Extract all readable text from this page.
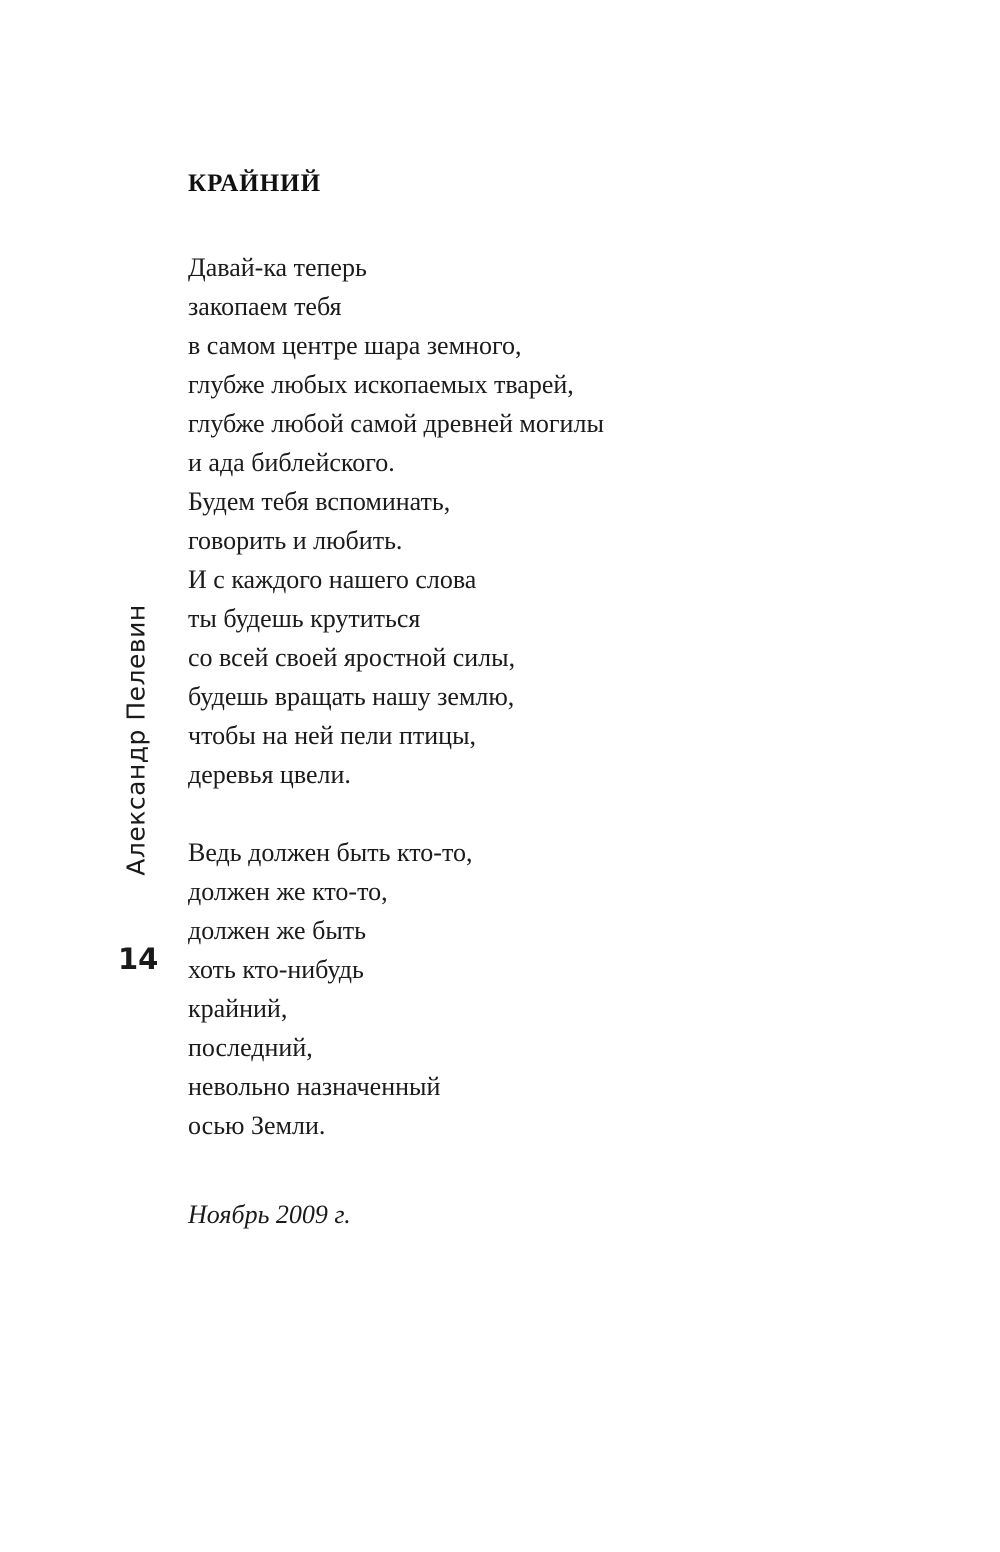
Александр Пелевин
14
КРАЙНИЙ
Давай-ка теперь
закопаем тебя
в самом центре шара земного,
глубже любых ископаемых тварей,
глубже любой самой древней могилы
и ада библейского.
Будем тебя вспоминать,
говорить и любить.
И с каждого нашего слова
ты будешь крутиться
со всей своей яростной силы,
будешь вращать нашу землю,
чтобы на ней пели птицы,
деревья цвели.
Ведь должен быть кто-то,
должен же кто-то,
должен же быть
хоть кто-нибудь
крайний,
последний,
невольно назначенный
осью Земли.
Ноябрь 2009 г.
